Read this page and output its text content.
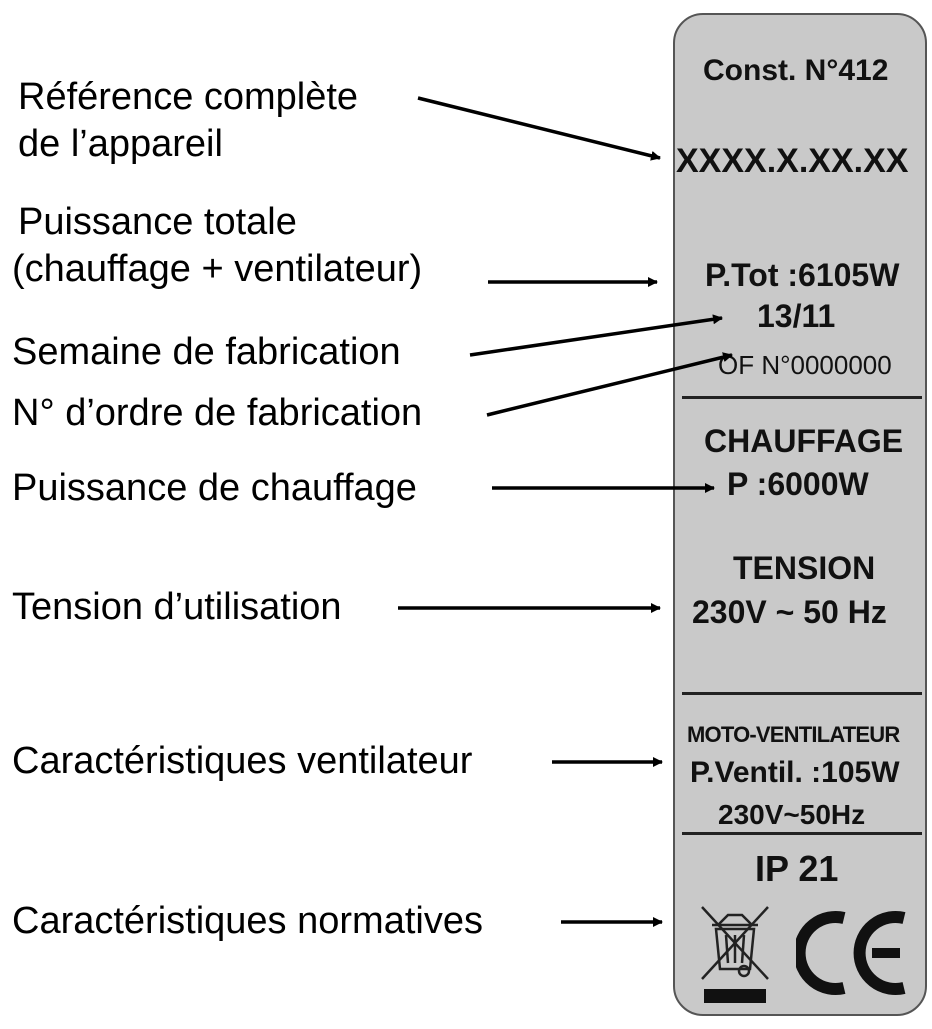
Référence complète
de l’appareil
Puissance totale
(chauffage + ventilateur)
Semaine de fabrication
N° d’ordre de fabrication
Puissance de chauffage
Tension d’utilisation
Caractéristiques ventilateur
Caractéristiques normatives
Const. N°412
XXXX.X.XX.XX
P.Tot :6105W
13/11
OF N°0000000
CHAUFFAGE
P :6000W
TENSION
230V ~ 50 Hz
MOTO-VENTILATEUR
P.Ventil. :105W
230V~50Hz
IP 21
